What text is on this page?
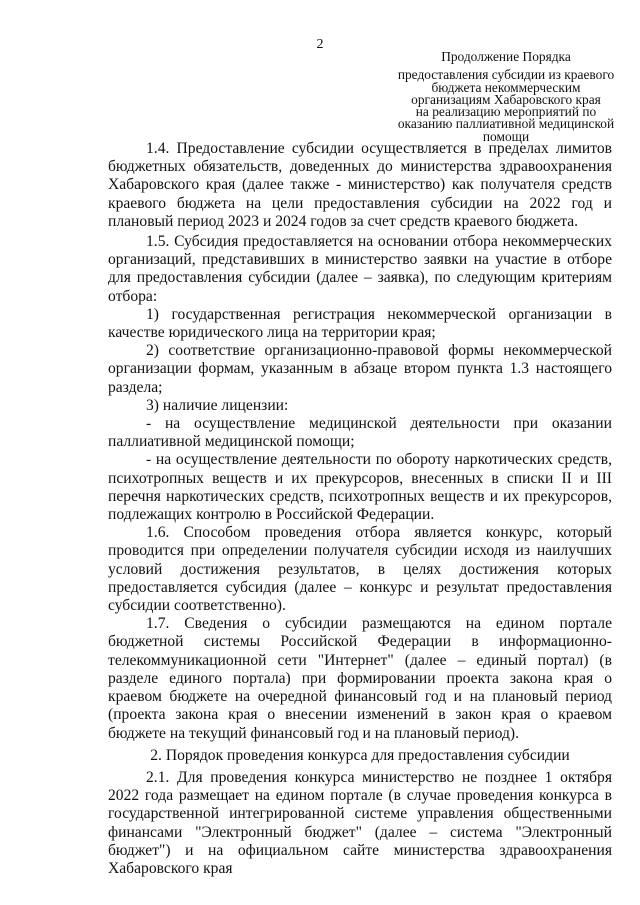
2
Продолжение Порядка
предоставления субсидии из краевого
бюджета некоммерческим
организациям Хабаровского края
на реализацию мероприятий по
оказанию паллиативной медицинской
помощи

1.4. Предоставление субсидии осуществляется в пределах лимитов бюджетных обязательств, доведенных до министерства здравоохранения Хабаровского края (далее также - министерство) как получателя средств краевого бюджета на цели предоставления субсидии на 2022 год и плановый период 2023 и 2024 годов за счет средств краевого бюджета.

1.5. Субсидия предоставляется на основании отбора некоммерческих организаций, представивших в министерство заявки на участие в отборе для предоставления субсидии (далее – заявка), по следующим критериям отбора:

1) государственная регистрация некоммерческой организации в качестве юридического лица на территории края;

2) соответствие организационно-правовой формы некоммерческой организации формам, указанным в абзаце втором пункта 1.3 настоящего раздела;

3) наличие лицензии:

- на осуществление медицинской деятельности при оказании паллиативной медицинской помощи;

- на осуществление деятельности по обороту наркотических средств, психотропных веществ и их прекурсоров, внесенных в списки II и III перечня наркотических средств, психотропных веществ и их прекурсоров, подлежащих контролю в Российской Федерации.

1.6. Способом проведения отбора является конкурс, который проводится при определении получателя субсидии исходя из наилучших условий достижения результатов, в целях достижения которых предоставляется субсидия (далее – конкурс и результат предоставления субсидии соответственно).

1.7. Сведения о субсидии размещаются на едином портале бюджетной системы Российской Федерации в информационно-телекоммуникационной сети "Интернет" (далее – единый портал) (в разделе единого портала) при формировании проекта закона края о краевом бюджете на очередной финансовый год и на плановый период (проекта закона края о внесении изменений в закон края о краевом бюджете на текущий финансовый год и на плановый период).

2. Порядок проведения конкурса для предоставления субсидии

2.1. Для проведения конкурса министерство не позднее 1 октября 2022 года размещает на едином портале (в случае проведения конкурса в государственной интегрированной системе управления общественными финансами "Электронный бюджет" (далее – система "Электронный бюджет") и на официальном сайте министерства здравоохранения Хабаровского края
